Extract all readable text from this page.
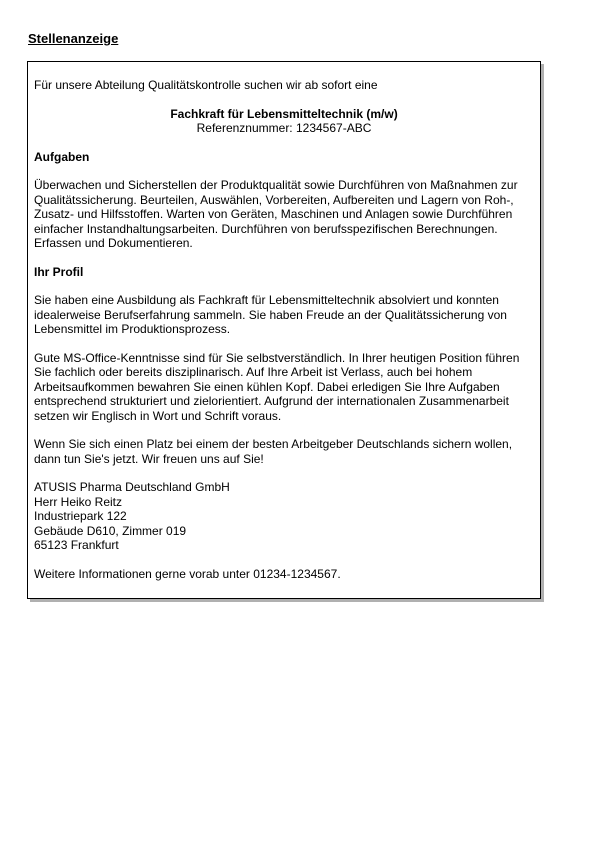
Stellenanzeige

Für unsere Abteilung Qualitätskontrolle suchen wir ab sofort eine

Fachkraft für Lebensmitteltechnik (m/w)
Referenznummer: 1234567-ABC

Aufgaben

Überwachen und Sicherstellen der Produktqualität sowie Durchführen von Maßnahmen zur Qualitätssicherung. Beurteilen, Auswählen, Vorbereiten, Aufbereiten und Lagern von Roh-, Zusatz- und Hilfsstoffen. Warten von Geräten, Maschinen und Anlagen sowie Durchführen einfacher Instandhaltungsarbeiten. Durchführen von berufsspezifischen Berechnungen. Erfassen und Dokumentieren.

Ihr Profil

Sie haben eine Ausbildung als Fachkraft für Lebensmitteltechnik absolviert und konnten idealerweise Berufserfahrung sammeln. Sie haben Freude an der Qualitätssicherung von Lebensmittel im Produktionsprozess.

Gute MS-Office-Kenntnisse sind für Sie selbstverständlich. In Ihrer heutigen Position führen Sie fachlich oder bereits disziplinarisch. Auf Ihre Arbeit ist Verlass, auch bei hohem Arbeitsaufkommen bewahren Sie einen kühlen Kopf. Dabei erledigen Sie Ihre Aufgaben entsprechend strukturiert und zielorientiert. Aufgrund der internationalen Zusammenarbeit setzen wir Englisch in Wort und Schrift voraus.

Wenn Sie sich einen Platz bei einem der besten Arbeitgeber Deutschlands sichern wollen, dann tun Sie's jetzt. Wir freuen uns auf Sie!

ATUSIS Pharma Deutschland GmbH
Herr Heiko Reitz
Industriepark 122
Gebäude D610, Zimmer 019
65123 Frankfurt

Weitere Informationen gerne vorab unter 01234-1234567.
